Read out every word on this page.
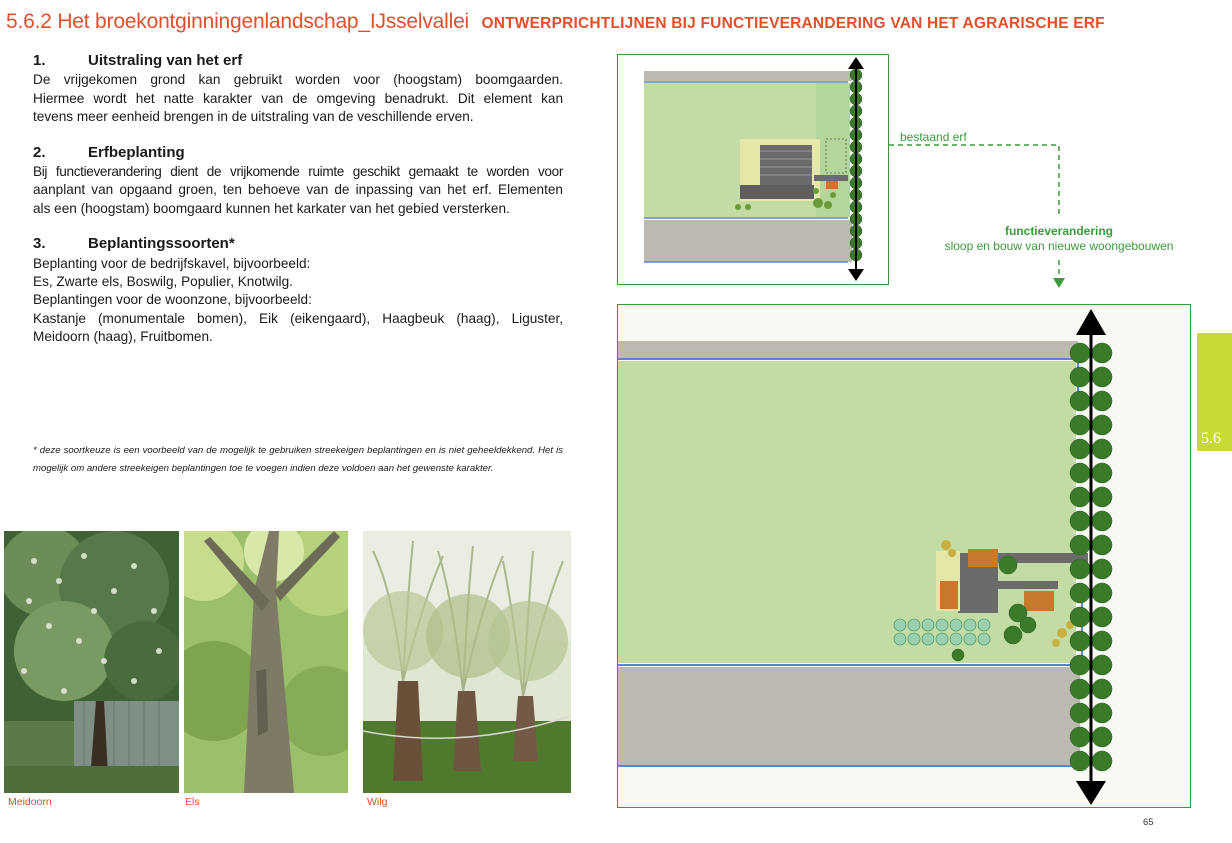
5.6.2 Het broekontginningenlandschap_IJsselvallei ONTWERPRICHTLIJNEN BIJ FUNCTIEVERANDERING VAN HET AGRARISCHE ERF
1.	Uitstraling van het erf
De vrijgekomen grond kan gebruikt worden voor (hoogstam) boomgaarden.
Hiermee wordt het natte karakter van de omgeving benadrukt. Dit element kan
tevens meer eenheid brengen in de uitstraling van de veschillende erven.
2.	Erfbeplanting
Bij functieverandering dient de vrijkomende ruimte geschikt gemaakt te worden voor
aanplant van opgaand groen, ten behoeve van de inpassing van het erf. Elementen
als een (hoogstam) boomgaard kunnen het karkater van het gebied versterken.
3.	Beplantingssoorten*
Beplanting voor de bedrijfskavel, bijvoorbeeld:
Es, Zwarte els, Boswilg, Populier, Knotwilg.
Beplantingen voor de woonzone, bijvoorbeeld:
Kastanje (monumentale bomen), Eik (eikengaard), Haagbeuk (haag), Liguster,
Meidoorn (haag), Fruitbomen.
* deze soortkeuze is een voorbeeld van de mogelijk te gebruiken streekeigen beplantingen en is niet geheeldekkend. Het is mogelijk om andere streekeigen beplantingen toe te voegen indien deze voldoen aan het gewenste karakter.
Meidoorn	Els	Wilg
bestaand erf
functieverandering
sloop en bouw van nieuwe woongebouwen
5.6
65
